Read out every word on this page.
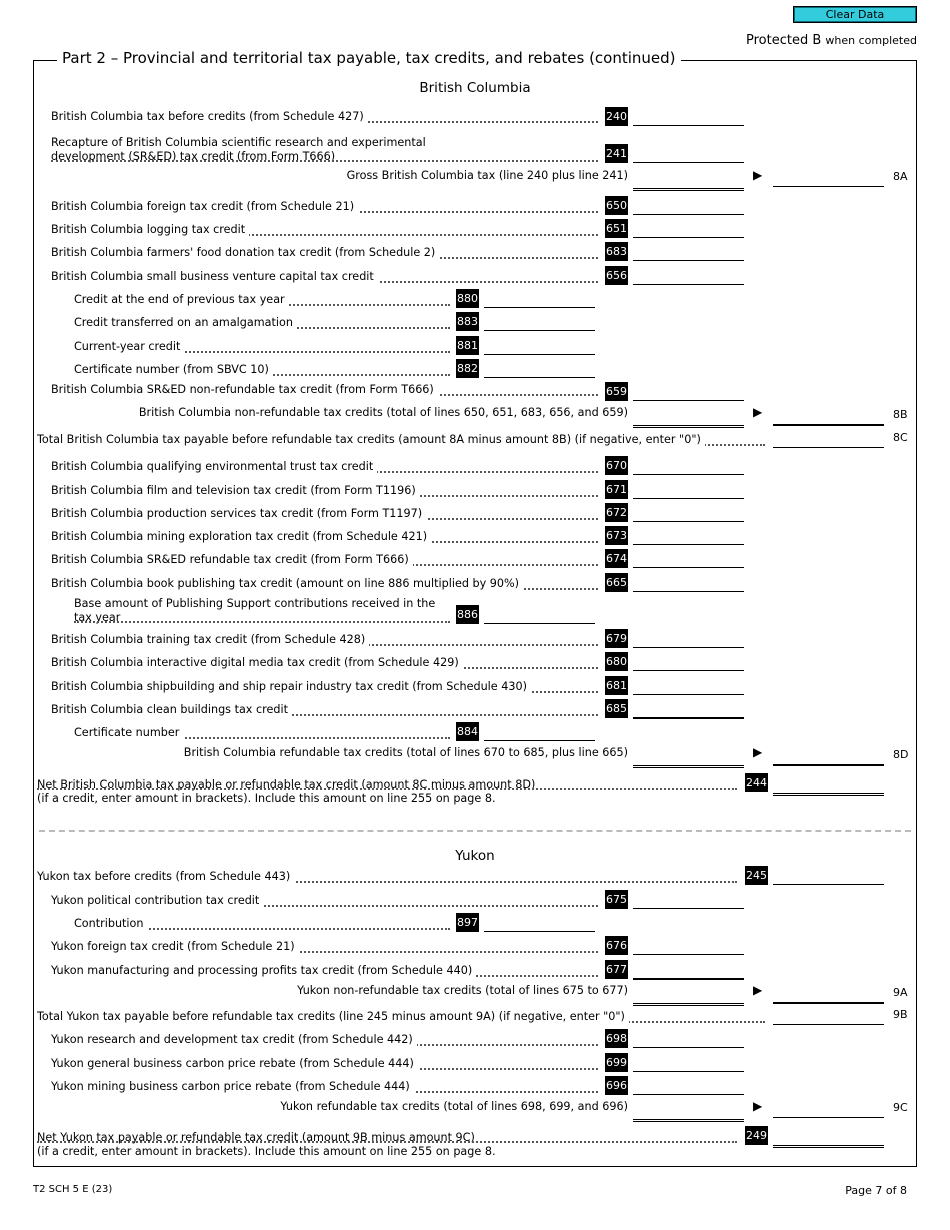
Clear Data
Protected B when completed
Part 2 – Provincial and territorial tax payable, tax credits, and rebates (continued)
British Columbia
British Columbia tax before credits (from Schedule 427)	240
Recapture of British Columbia scientific research and experimental
development (SR&ED) tax credit (from Form T666)	241
Gross British Columbia tax (line 240 plus line 241)	▶	8A
British Columbia foreign tax credit (from Schedule 21)	650
British Columbia logging tax credit	651
British Columbia farmers' food donation tax credit (from Schedule 2)	683
British Columbia small business venture capital tax credit	656
Credit at the end of previous tax year	880
Credit transferred on an amalgamation	883
Current-year credit	881
Certificate number (from SBVC 10)	882
British Columbia SR&ED non-refundable tax credit (from Form T666)	659
British Columbia non-refundable tax credits (total of lines 650, 651, 683, 656, and 659)	▶	8B
Total British Columbia tax payable before refundable tax credits (amount 8A minus amount 8B) (if negative, enter "0")	8C
British Columbia qualifying environmental trust tax credit	670
British Columbia film and television tax credit (from Form T1196)	671
British Columbia production services tax credit (from Form T1197)	672
British Columbia mining exploration tax credit (from Schedule 421)	673
British Columbia SR&ED refundable tax credit (from Form T666)	674
British Columbia book publishing tax credit (amount on line 886 multiplied by 90%)	665
Base amount of Publishing Support contributions received in the
tax year	886
British Columbia training tax credit (from Schedule 428)	679
British Columbia interactive digital media tax credit (from Schedule 429)	680
British Columbia shipbuilding and ship repair industry tax credit (from Schedule 430)	681
British Columbia clean buildings tax credit	685
Certificate number	884
British Columbia refundable tax credits (total of lines 670 to 685, plus line 665)	▶	8D
Net British Columbia tax payable or refundable tax credit (amount 8C minus amount 8D)
(if a credit, enter amount in brackets). Include this amount on line 255 on page 8.
244
Yukon
Yukon tax before credits (from Schedule 443)	245
Yukon political contribution tax credit	675
Contribution	897
Yukon foreign tax credit (from Schedule 21)	676
Yukon manufacturing and processing profits tax credit (from Schedule 440)	677
Yukon non-refundable tax credits (total of lines 675 to 677)	▶	9A
Total Yukon tax payable before refundable tax credits (line 245 minus amount 9A) (if negative, enter "0")	9B
Yukon research and development tax credit (from Schedule 442)	698
Yukon general business carbon price rebate (from Schedule 444)	699
Yukon mining business carbon price rebate (from Schedule 444)	696
Yukon refundable tax credits (total of lines 698, 699, and 696)	▶	9C
Net Yukon tax payable or refundable tax credit (amount 9B minus amount 9C)
(if a credit, enter amount in brackets). Include this amount on line 255 on page 8.
249
T2 SCH 5 E (23)	Page 7 of 8
